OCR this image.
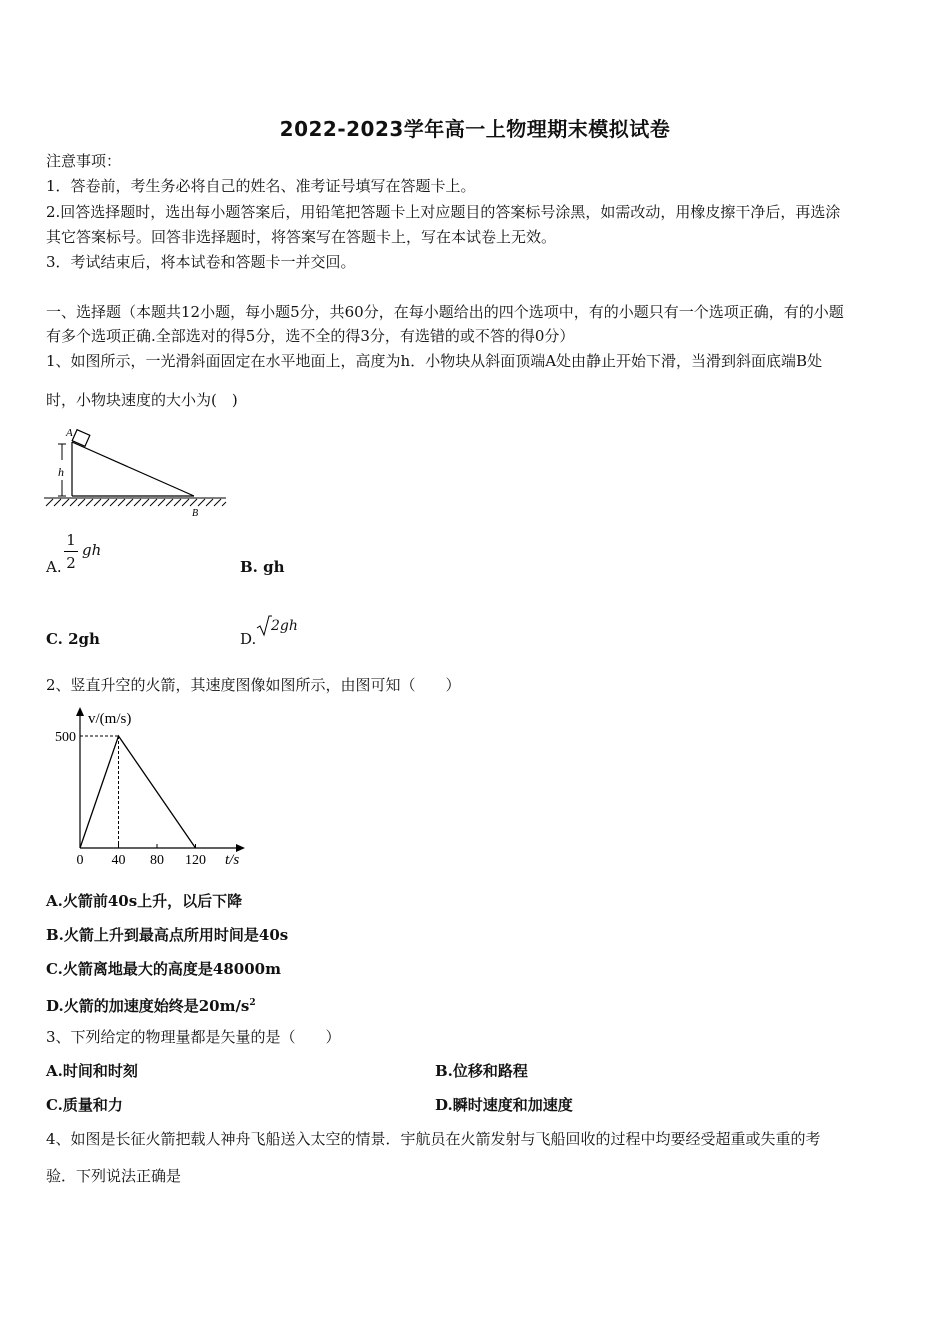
2022-2023学年高一上物理期末模拟试卷
注意事项：
1．答卷前，考生务必将自己的姓名、准考证号填写在答题卡上。
2.回答选择题时，选出每小题答案后，用铅笔把答题卡上对应题目的答案标号涂黑，如需改动，用橡皮擦干净后，再选涂
其它答案标号。回答非选择题时，将答案写在答题卡上，写在本试卷上无效。
3．考试结束后，将本试卷和答题卡一并交回。
一、选择题（本题共12小题，每小题5分，共60分，在每小题给出的四个选项中，有的小题只有一个选项正确，有的小题
有多个选项正确.全部选对的得5分，选不全的得3分，有选错的或不答的得0分）
1、如图所示，一光滑斜面固定在水平地面上，高度为h．小物块从斜面顶端A处由静止开始下滑，当滑到斜面底端B处
时，小物块速度的大小为(　)
A
h
B
A.
1
2
gh
B. gh
C. 2gh	D.
2gh
2、竖直升空的火箭，其速度图像如图所示，由图可知（　　）
v/(m/s)
t/s
0 40 80 120
500
A.火箭前40s上升，以后下降
B.火箭上升到最高点所用时间是40s
C.火箭离地最大的高度是48000m
D.火箭的加速度始终是$20m/s^2$
3、下列给定的物理量都是矢量的是（　　）
A.时间和时刻	B.位移和路程
C.质量和力	D.瞬时速度和加速度
4、如图是长征火箭把载人神舟飞船送入太空的情景．宇航员在火箭发射与飞船回收的过程中均要经受超重或失重的考
验．下列说法正确是
